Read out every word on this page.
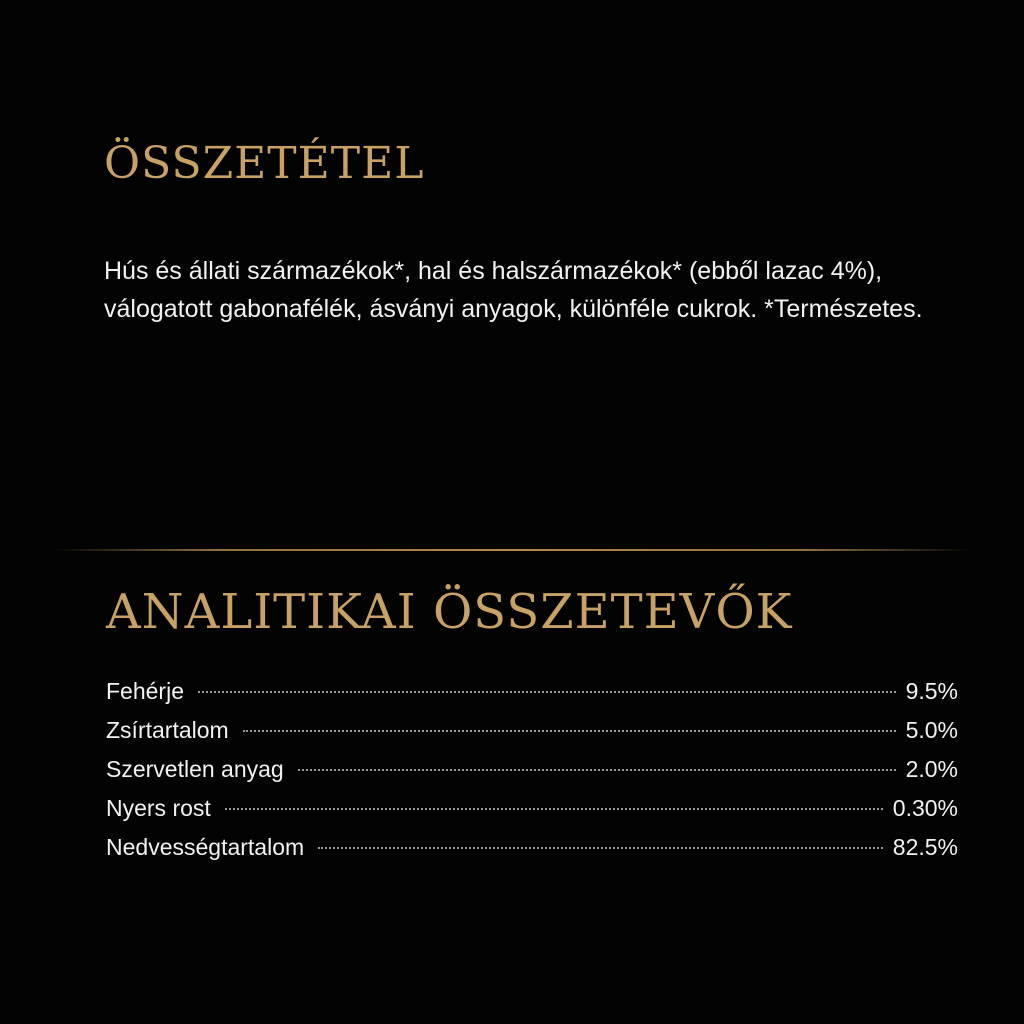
ÖSSZETÉTEL

Hús és állati származékok*, hal és halszármazékok* (ebből lazac 4%), válogatott gabonafélék, ásványi anyagok, különféle cukrok. *Természetes.

ANALITIKAI ÖSSZETEVŐK
Fehérje	9.5%
Zsírtartalom	5.0%
Szervetlen anyag	2.0%
Nyers rost	0.30%
Nedvességtartalom	82.5%
